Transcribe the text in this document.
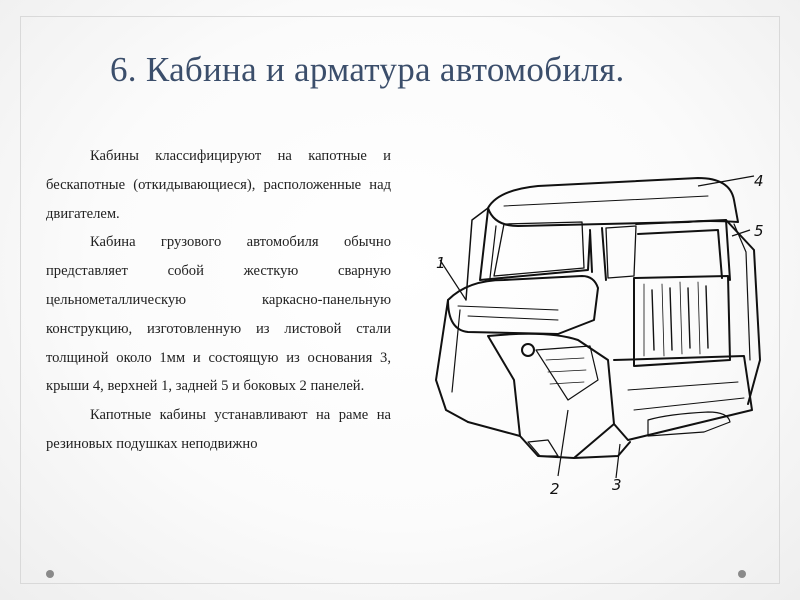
6. Кабина и арматура автомобиля.

Кабины классифицируют на капотные и бескапотные (откидывающиеся), расположенные над двигателем.

Кабина грузового автомобиля обычно представляет собой жесткую сварную цельнометаллическую каркасно-панельную конструкцию, изготовленную из листовой стали толщиной около 1мм и состоящую из основания 3, крыши 4, верхней 1, задней 5 и боковых 2 панелей.

Капотные кабины устанавливают на раме на резиновых подушках неподвижно

4
5
1
2	3
